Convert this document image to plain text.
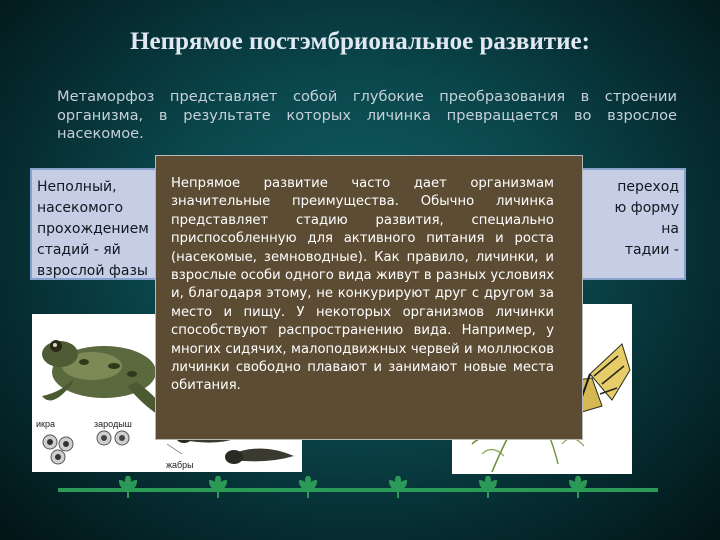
Непрямое постэмбриональное развитие:
Метаморфоз представляет собой глубокие преобразования в строении организма, в результате которых личинка превращается во взрослое насекомое.
Неполный,
насекомого
прохождением
стадий - яй
взрослой фазы
переход
ю форму
на
тадии -
икра	зародыш
жабры
Непрямое развитие часто дает организмам значительные преимущества. Обычно личинка представляет стадию развития, специально приспособленную для активного питания и роста (насекомые, земноводные). Как правило, личинки, и взрослые особи одного вида живут в разных условиях и, благодаря этому, не конкурируют друг с другом за место и пищу. У некоторых организмов личинки способствуют распространению вида. Например, у многих сидячих, малоподвижных червей и моллюсков личинки свободно плавают и занимают новые места обитания.
